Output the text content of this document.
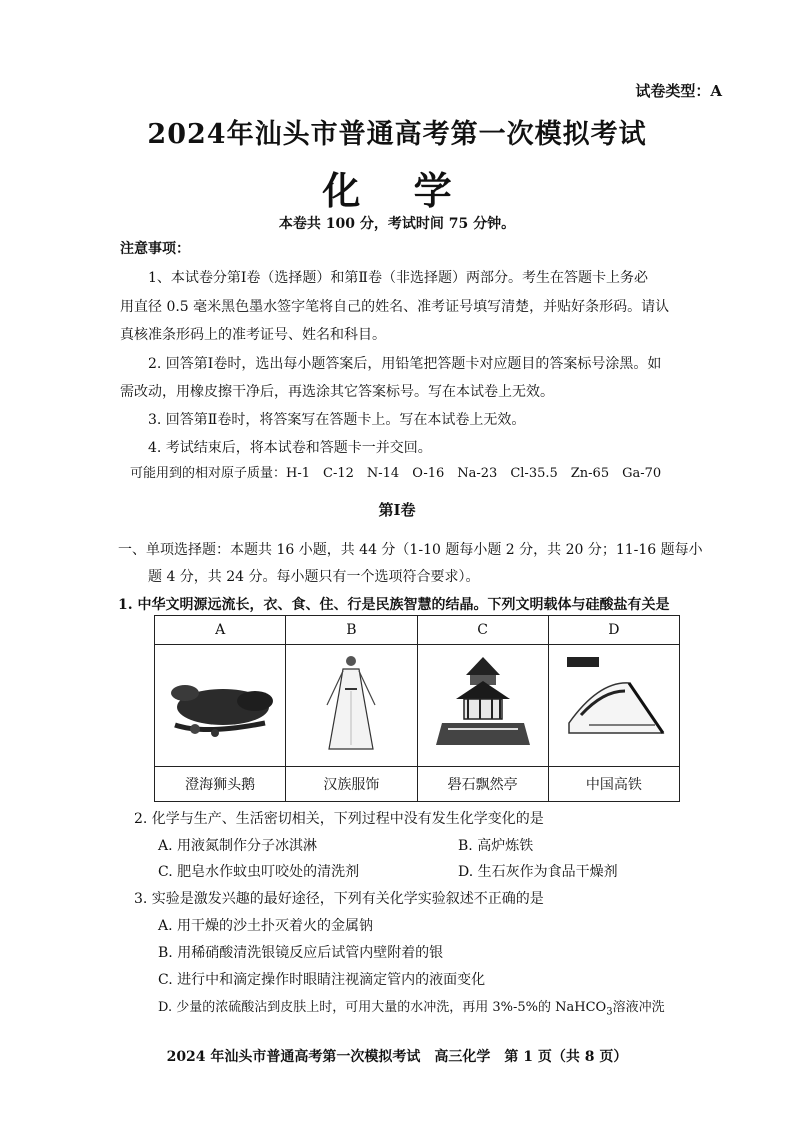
试卷类型：A
2024年汕头市普通高考第一次模拟考试
化 学
本卷共 100 分，考试时间 75 分钟。
注意事项：
1、本试卷分第Ⅰ卷（选择题）和第Ⅱ卷（非选择题）两部分。考生在答题卡上务必
用直径 0.5 毫米黑色墨水签字笔将自己的姓名、准考证号填写清楚，并贴好条形码。请认
真核准条形码上的准考证号、姓名和科目。
2. 回答第Ⅰ卷时，选出每小题答案后，用铅笔把答题卡对应题目的答案标号涂黑。如
需改动，用橡皮擦干净后，再选涂其它答案标号。写在本试卷上无效。
3. 回答第Ⅱ卷时，将答案写在答题卡上。写在本试卷上无效。
4. 考试结束后，将本试卷和答题卡一并交回。
可能用到的相对原子质量：H-1　C-12　N-14　O-16　Na-23　Cl-35.5　Zn-65　Ga-70
第Ⅰ卷
一、单项选择题：本题共 16 小题，共 44 分（1-10 题每小题 2 分，共 20 分；11-16 题每小
题 4 分，共 24 分。每小题只有一个选项符合要求）。
1. 中华文明源远流长，衣、食、住、行是民族智慧的结晶。下列文明载体与硅酸盐有关是
A	B	C	D

澄海狮头鹅	汉族服饰	礐石飘然亭	中国高铁
2. 化学与生产、生活密切相关，下列过程中没有发生化学变化的是
A. 用液氮制作分子冰淇淋	B. 高炉炼铁
C. 肥皂水作蚊虫叮咬处的清洗剂	D. 生石灰作为食品干燥剂
3. 实验是激发兴趣的最好途径，下列有关化学实验叙述不正确的是
A. 用干燥的沙土扑灭着火的金属钠
B. 用稀硝酸清洗银镜反应后试管内壁附着的银
C. 进行中和滴定操作时眼睛注视滴定管内的液面变化
D. 少量的浓硫酸沾到皮肤上时，可用大量的水冲洗，再用 3%-5%的 NaHCO$_3$溶液冲洗
2024 年汕头市普通高考第一次模拟考试　高三化学　第 1 页（共 8 页）
